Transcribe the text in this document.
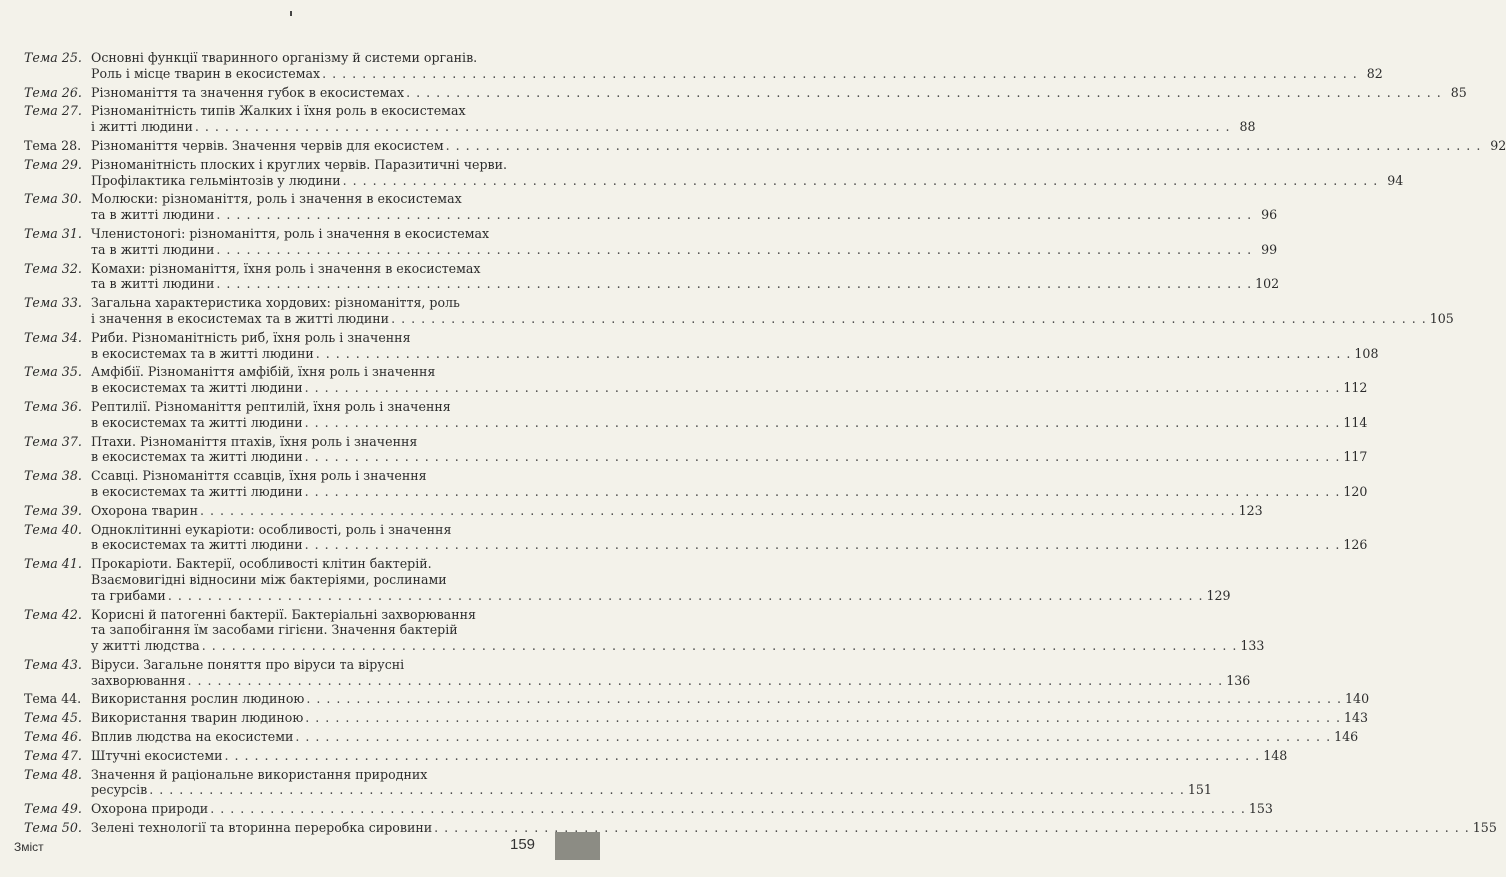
Тема 25. Основні функції тваринного організму й системи органів.
Роль і місце тварин в екосистемах . . .	82
Тема 26. Різноманіття та значення губок в екосистемах . . .	85
Тема 27. Різноманітність типів Жалких і їхня роль в екосистемах
і житті людини . . .	88
Тема 28. Різноманіття червів. Значення червів для екосистем . . .	92
Тема 29. Різноманітність плоских і круглих червів. Паразитичні черви.
Профілактика гельмінтозів у людини . . .	94
Тема 30. Молюски: різноманіття, роль і значення в екосистемах
та в житті людини . . .	96
Тема 31. Членистоногі: різноманіття, роль і значення в екосистемах
та в житті людини . . .	99
Тема 32. Комахи: різноманіття, їхня роль і значення в екосистемах
та в житті людини . . .	102
Тема 33. Загальна характеристика хордових: різноманіття, роль
і значення в екосистемах та в житті людини . . .	105
Тема 34. Риби. Різноманітність риб, їхня роль і значення
в екосистемах та в житті людини . . .	108
Тема 35. Амфібії. Різноманіття амфібій, їхня роль і значення
в екосистемах та житті людини . . .	112
Тема 36. Рептилії. Різноманіття рептилій, їхня роль і значення
в екосистемах та житті людини . . .	114
Тема 37. Птахи. Різноманіття птахів, їхня роль і значення
в екосистемах та житті людини . . .	117
Тема 38. Ссавці. Різноманіття ссавців, їхня роль і значення
в екосистемах та житті людини . . .	120
Тема 39. Охорона тварин . . .	123
Тема 40. Одноклітинні еукаріоти: особливості, роль і значення
в екосистемах та житті людини . . .	126
Тема 41. Прокаріоти. Бактерії, особливості клітин бактерій.
Взаємовигідні відносини між бактеріями, рослинами
та грибами . . .	129
Тема 42. Корисні й патогенні бактерії. Бактеріальні захворювання
та запобігання їм засобами гігієни. Значення бактерій
у житті людства . . .	133
Тема 43. Віруси. Загальне поняття про віруси та вірусні
захворювання . . .	136
Тема 44. Використання рослин людиною . . .	140
Тема 45. Використання тварин людиною . . .	143
Тема 46. Вплив людства на екосистеми . . .	146
Тема 47. Штучні екосистеми . . .	148
Тема 48. Значення й раціональне використання природних
ресурсів . . .	151
Тема 49. Охорона природи . . .	153
Тема 50. Зелені технології та вторинна переробка сировини . . .	155
Зміст	159
